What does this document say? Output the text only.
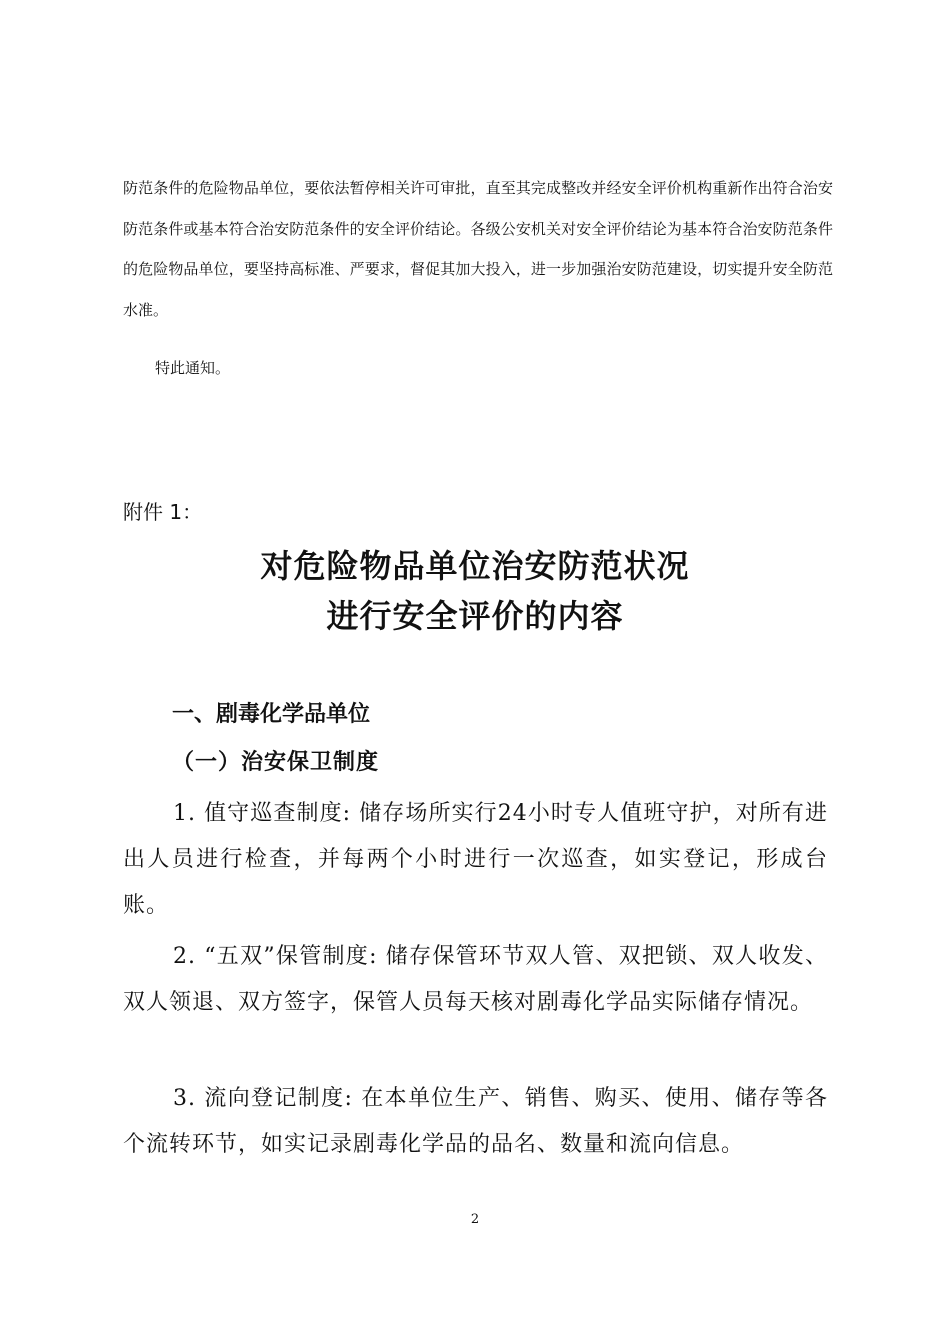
防范条件的危险物品单位，要依法暂停相关许可审批，直至其完成整改并经安全评价机构重新作出符合治安防范条件或基本符合治安防范条件的安全评价结论。各级公安机关对安全评价结论为基本符合治安防范条件的危险物品单位，要坚持高标准、严要求，督促其加大投入，进一步加强治安防范建设，切实提升安全防范水准。

特此通知。

附件 1：

对危险物品单位治安防范状况
进行安全评价的内容
一、剧毒化学品单位
（一）治安保卫制度

1. 值守巡查制度: 储存场所实行24小时专人值班守护，对所有进出人员进行检查，并每两个小时进行一次巡查，如实登记，形成台账。

2. “五双”保管制度: 储存保管环节双人管、双把锁、双人收发、双人领退、双方签字，保管人员每天核对剧毒化学品实际储存情况。

3. 流向登记制度: 在本单位生产、销售、购买、使用、储存等各个流转环节，如实记录剧毒化学品的品名、数量和流向信息。

2
